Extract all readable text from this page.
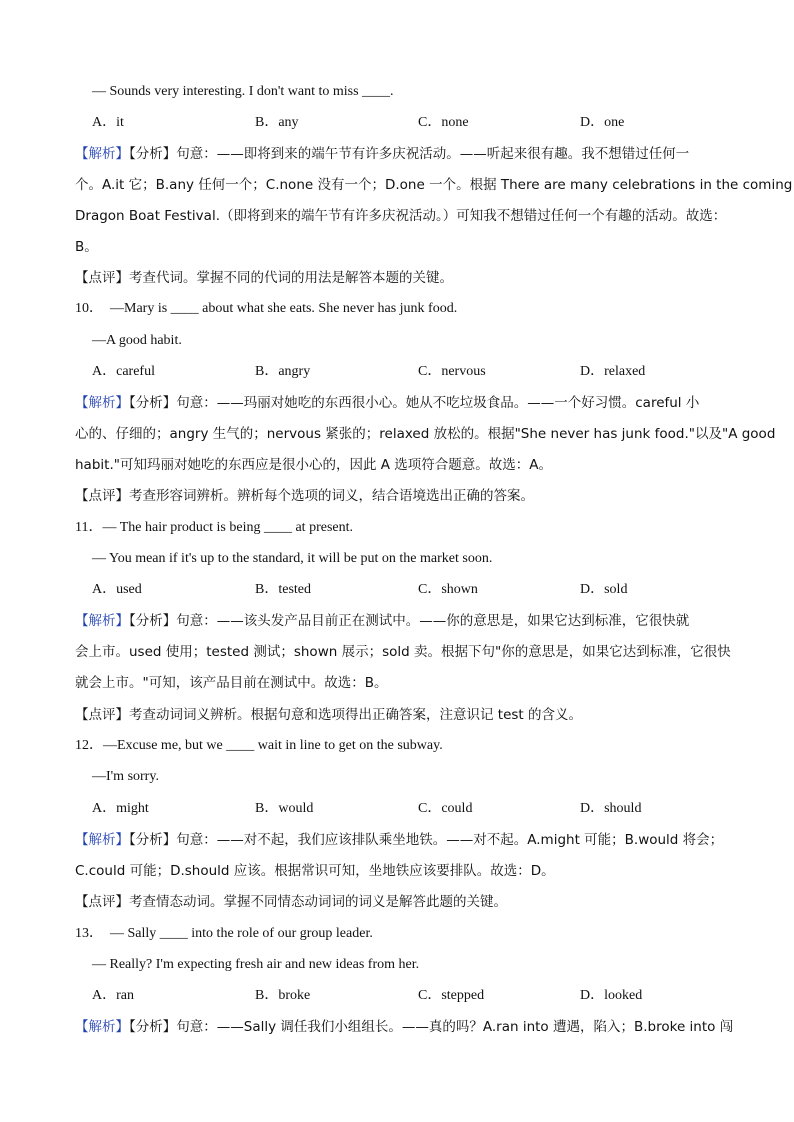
— Sounds very interesting. I don't want to miss ____.
A．it	B．any	C．none	D．one
【解析】【分析】句意：——即将到来的端午节有许多庆祝活动。——听起来很有趣。我不想错过任何一
个。A.it 它；B.any 任何一个；C.none 没有一个；D.one 一个。根据 There are many celebrations in the coming
Dragon Boat Festival.（即将到来的端午节有许多庆祝活动。）可知我不想错过任何一个有趣的活动。故选：
B。
【点评】考查代词。掌握不同的代词的用法是解答本题的关键。
10．　—Mary is ____ about what she eats. She never has junk food.
—A good habit.
A．careful	B．angry	C．nervous	D．relaxed
【解析】【分析】句意：——玛丽对她吃的东西很小心。她从不吃垃圾食品。——一个好习惯。careful 小
心的、仔细的；angry 生气的；nervous 紧张的；relaxed 放松的。根据"She never has junk food."以及"A good
habit."可知玛丽对她吃的东西应是很小心的，因此 A 选项符合题意。故选：A。
【点评】考查形容词辨析。辨析每个选项的词义，结合语境选出正确的答案。
11．— The hair product is being ____ at present.
— You mean if it's up to the standard, it will be put on the market soon.
A．used	B．tested	C．shown	D．sold
【解析】【分析】句意：——该头发产品目前正在测试中。——你的意思是，如果它达到标准，它很快就
会上市。used 使用；tested 测试；shown 展示；sold 卖。根据下句"你的意思是，如果它达到标准，它很快
就会上市。"可知，该产品目前在测试中。故选：B。
【点评】考查动词词义辨析。根据句意和选项得出正确答案，注意识记 test 的含义。
12．—Excuse me, but we ____ wait in line to get on the subway.
—I'm sorry.
A．might	B．would	C．could	D．should
【解析】【分析】句意：——对不起，我们应该排队乘坐地铁。——对不起。A.might 可能；B.would 将会；
C.could 可能；D.should 应该。根据常识可知，坐地铁应该要排队。故选：D。
【点评】考查情态动词。掌握不同情态动词词的词义是解答此题的关键。
13．　— Sally ____ into the role of our group leader.
— Really? I'm expecting fresh air and new ideas from her.
A．ran	B．broke	C．stepped	D．looked
【解析】【分析】句意：——Sally 调任我们小组组长。——真的吗？A.ran into 遭遇，陷入；B.broke into 闯
